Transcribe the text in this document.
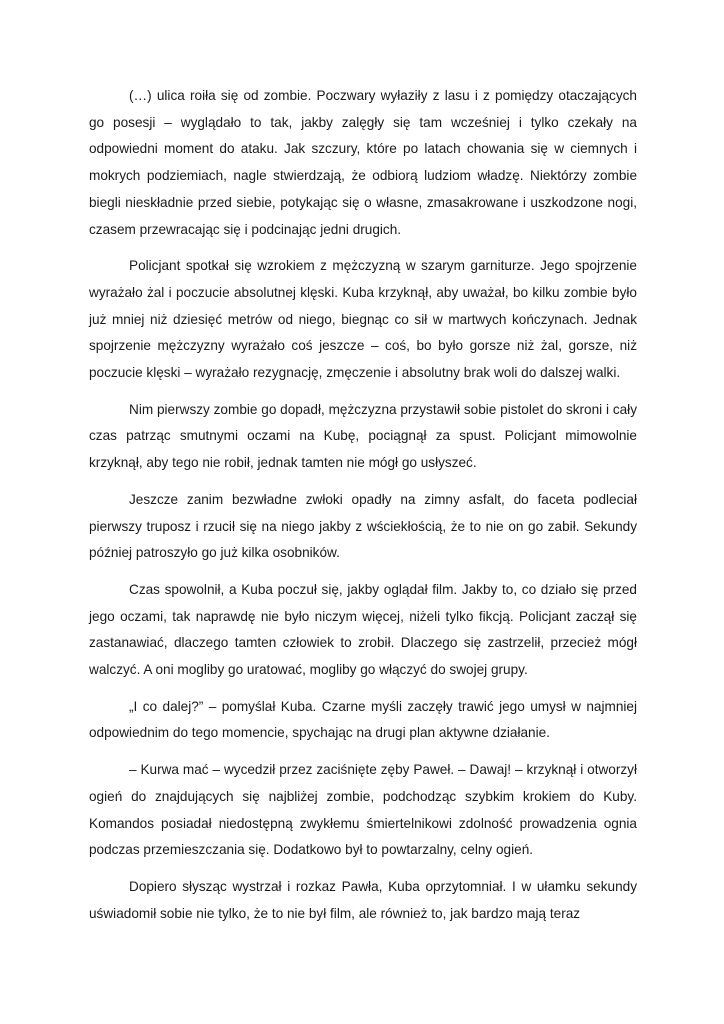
(…) ulica roiła się od zombie. Poczwary wyłaziły z lasu i z pomiędzy otaczających go posesji – wyglądało to tak, jakby zalęgły się tam wcześniej i tylko czekały na odpowiedni moment do ataku. Jak szczury, które po latach chowania się w ciemnych i mokrych podziemiach, nagle stwierdzają, że odbiorą ludziom władzę. Niektórzy zombie biegli nieskładnie przed siebie, potykając się o własne, zmasakrowane i uszkodzone nogi, czasem przewracając się i podcinając jedni drugich.

Policjant spotkał się wzrokiem z mężczyzną w szarym garniturze. Jego spojrzenie wyrażało żal i poczucie absolutnej klęski. Kuba krzyknął, aby uważał, bo kilku zombie było już mniej niż dziesięć metrów od niego, biegnąc co sił w martwych kończynach. Jednak spojrzenie mężczyzny wyrażało coś jeszcze – coś, bo było gorsze niż żal, gorsze, niż poczucie klęski – wyrażało rezygnację, zmęczenie i absolutny brak woli do dalszej walki.

Nim pierwszy zombie go dopadł, mężczyzna przystawił sobie pistolet do skroni i cały czas patrząc smutnymi oczami na Kubę, pociągnął za spust. Policjant mimowolnie krzyknął, aby tego nie robił, jednak tamten nie mógł go usłyszeć.

Jeszcze zanim bezwładne zwłoki opadły na zimny asfalt, do faceta podleciał pierwszy truposz i rzucił się na niego jakby z wściekłością, że to nie on go zabił. Sekundy później patroszyło go już kilka osobników.

Czas spowolnił, a Kuba poczuł się, jakby oglądał film. Jakby to, co działo się przed jego oczami, tak naprawdę nie było niczym więcej, niżeli tylko fikcją. Policjant zaczął się zastanawiać, dlaczego tamten człowiek to zrobił. Dlaczego się zastrzelił, przecież mógł walczyć. A oni mogliby go uratować, mogliby go włączyć do swojej grupy.

„I co dalej?” – pomyślał Kuba. Czarne myśli zaczęły trawić jego umysł w najmniej odpowiednim do tego momencie, spychając na drugi plan aktywne działanie.

– Kurwa mać – wycedził przez zaciśnięte zęby Paweł. – Dawaj! – krzyknął i otworzył ogień do znajdujących się najbliżej zombie, podchodząc szybkim krokiem do Kuby. Komandos posiadał niedostępną zwykłemu śmiertelnikowi zdolność prowadzenia ognia podczas przemieszczania się. Dodatkowo był to powtarzalny, celny ogień.

Dopiero słysząc wystrzał i rozkaz Pawła, Kuba oprzytomniał. I w ułamku sekundy uświadomił sobie nie tylko, że to nie był film, ale również to, jak bardzo mają teraz
